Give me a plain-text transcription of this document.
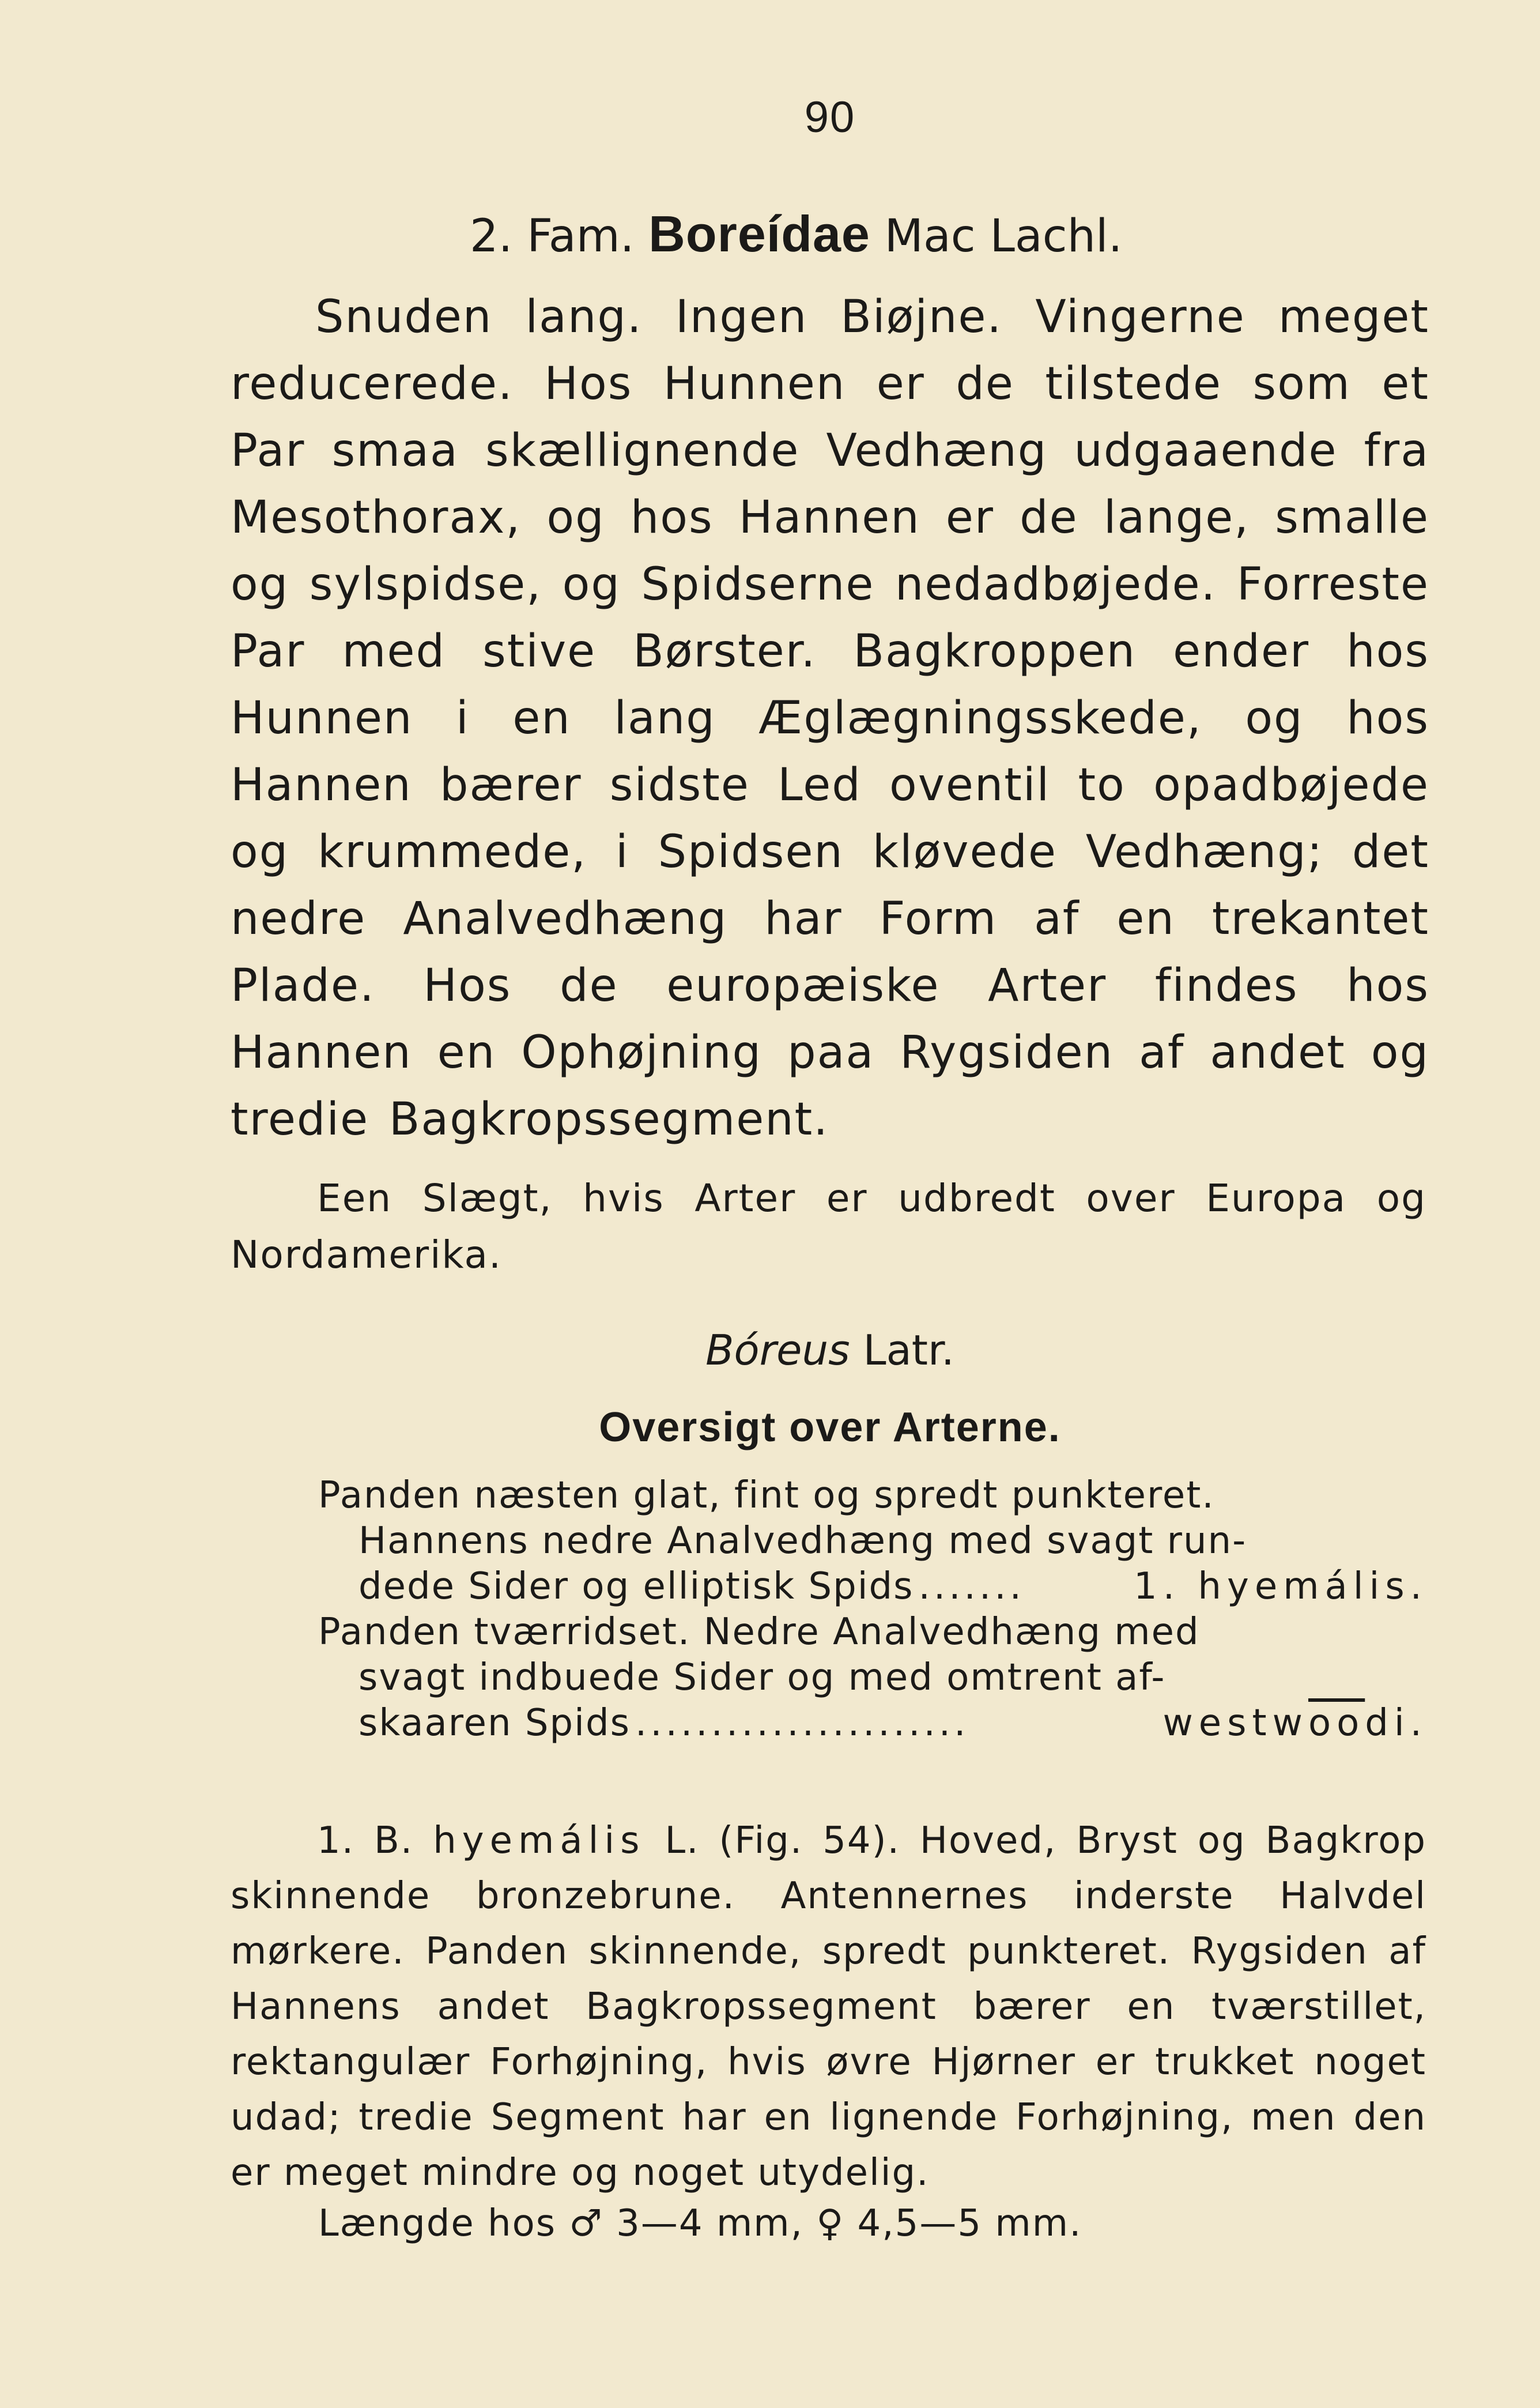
90
2. Fam. Boreídae Mac Lachl.

Snuden lang. Ingen Biøjne. Vingerne meget reducerede. Hos Hunnen er de tilstede som et Par smaa skællignende Vedhæng udgaaende fra Mesothorax, og hos Hannen er de lange, smalle og sylspidse, og Spidserne nedadbøjede. Forreste Par med stive Børster. Bagkroppen ender hos Hunnen i en lang Æglægningsskede, og hos Hannen bærer sidste Led oventil to opadbøjede og krummede, i Spidsen kløvede Vedhæng; det nedre Analvedhæng har Form af en trekantet Plade. Hos de europæiske Arter findes hos Hannen en Ophøjning paa Rygsiden af andet og tredie Bagkropssegment.

Een Slægt, hvis Arter er udbredt over Europa og Nordamerika.

Bóreus Latr.
Oversigt over Arterne.
Panden næsten glat, fint og spredt punkteret.
Hannens nedre Analvedhæng med svagt run-
dede Sider og elliptisk Spids .......	1. hyemális.
Panden tværridset. Nedre Analvedhæng med
svagt indbuede Sider og med omtrent af-
skaaren Spids ......................	$westw\overline{oo}di$.

1. B. hyemális L. (Fig. 54). Hoved, Bryst og Bagkrop skinnende bronzebrune. Antennernes inderste Halvdel mørkere. Panden skinnende, spredt punkteret. Rygsiden af Hannens andet Bagkropssegment bærer en tværstillet, rektangulær Forhøjning, hvis øvre Hjørner er trukket noget udad; tredie Segment har en lignende Forhøjning, men den er meget mindre og noget utydelig.

Længde hos ♂ 3—4 mm, ♀ 4,5—5 mm.
